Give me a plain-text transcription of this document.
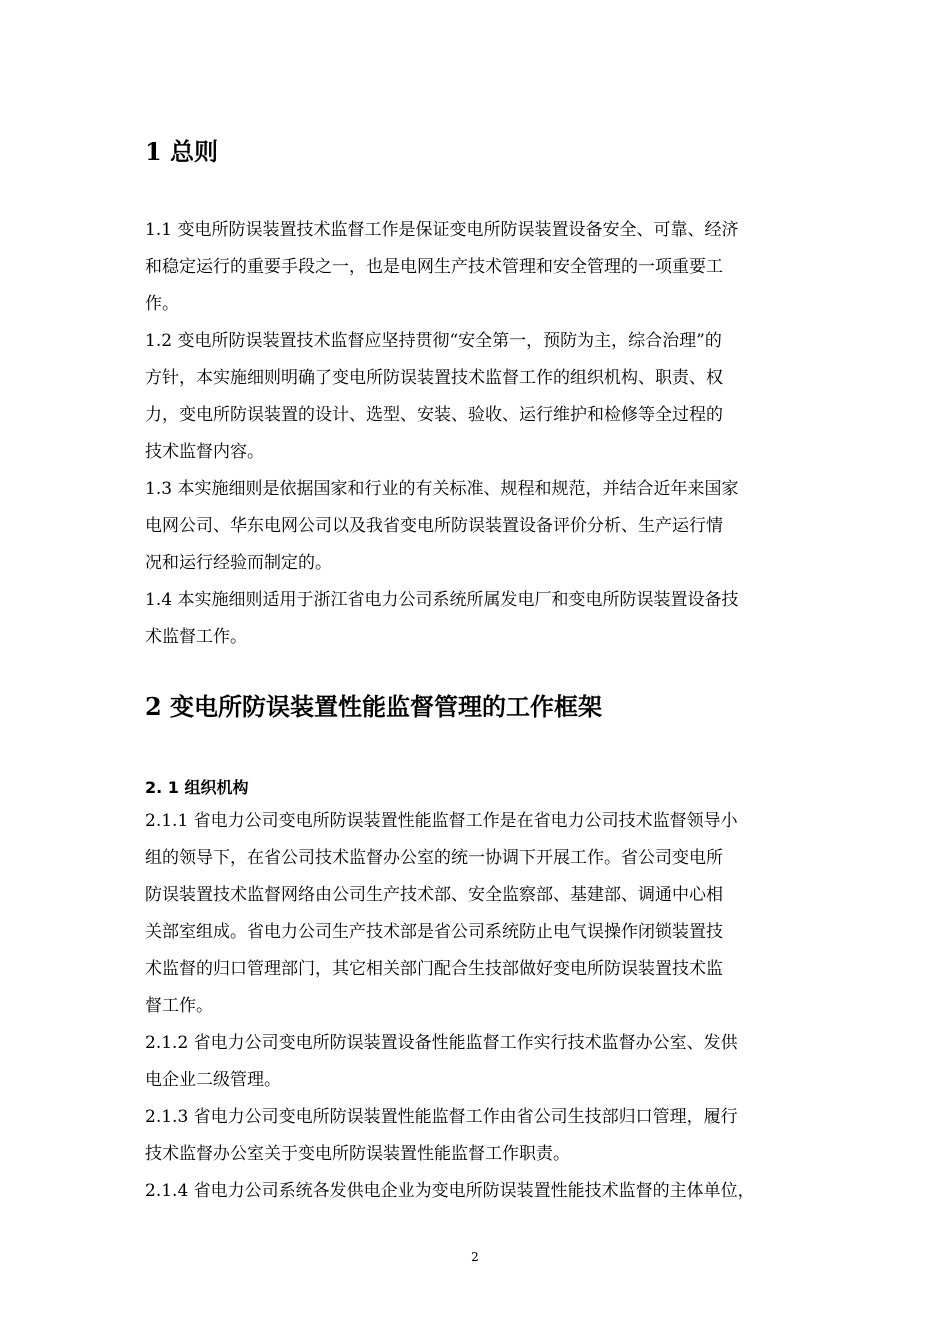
1 总则
1.1 变电所防误装置技术监督工作是保证变电所防误装置设备安全、可靠、经济
和稳定运行的重要手段之一，也是电网生产技术管理和安全管理的一项重要工
作。
1.2 变电所防误装置技术监督应坚持贯彻“安全第一，预防为主，综合治理”的
方针，本实施细则明确了变电所防误装置技术监督工作的组织机构、职责、权
力，变电所防误装置的设计、选型、安装、验收、运行维护和检修等全过程的
技术监督内容。
1.3 本实施细则是依据国家和行业的有关标准、规程和规范，并结合近年来国家
电网公司、华东电网公司以及我省变电所防误装置设备评价分析、生产运行情
况和运行经验而制定的。
1.4 本实施细则适用于浙江省电力公司系统所属发电厂和变电所防误装置设备技
术监督工作。
2 变电所防误装置性能监督管理的工作框架
2. 1 组织机构
2.1.1 省电力公司变电所防误装置性能监督工作是在省电力公司技术监督领导小
组的领导下，在省公司技术监督办公室的统一协调下开展工作。省公司变电所
防误装置技术监督网络由公司生产技术部、安全监察部、基建部、调通中心相
关部室组成。省电力公司生产技术部是省公司系统防止电气误操作闭锁装置技
术监督的归口管理部门，其它相关部门配合生技部做好变电所防误装置技术监
督工作。
2.1.2 省电力公司变电所防误装置设备性能监督工作实行技术监督办公室、发供
电企业二级管理。
2.1.3 省电力公司变电所防误装置性能监督工作由省公司生技部归口管理，履行
技术监督办公室关于变电所防误装置性能监督工作职责。
2.1.4 省电力公司系统各发供电企业为变电所防误装置性能技术监督的主体单位，
2
